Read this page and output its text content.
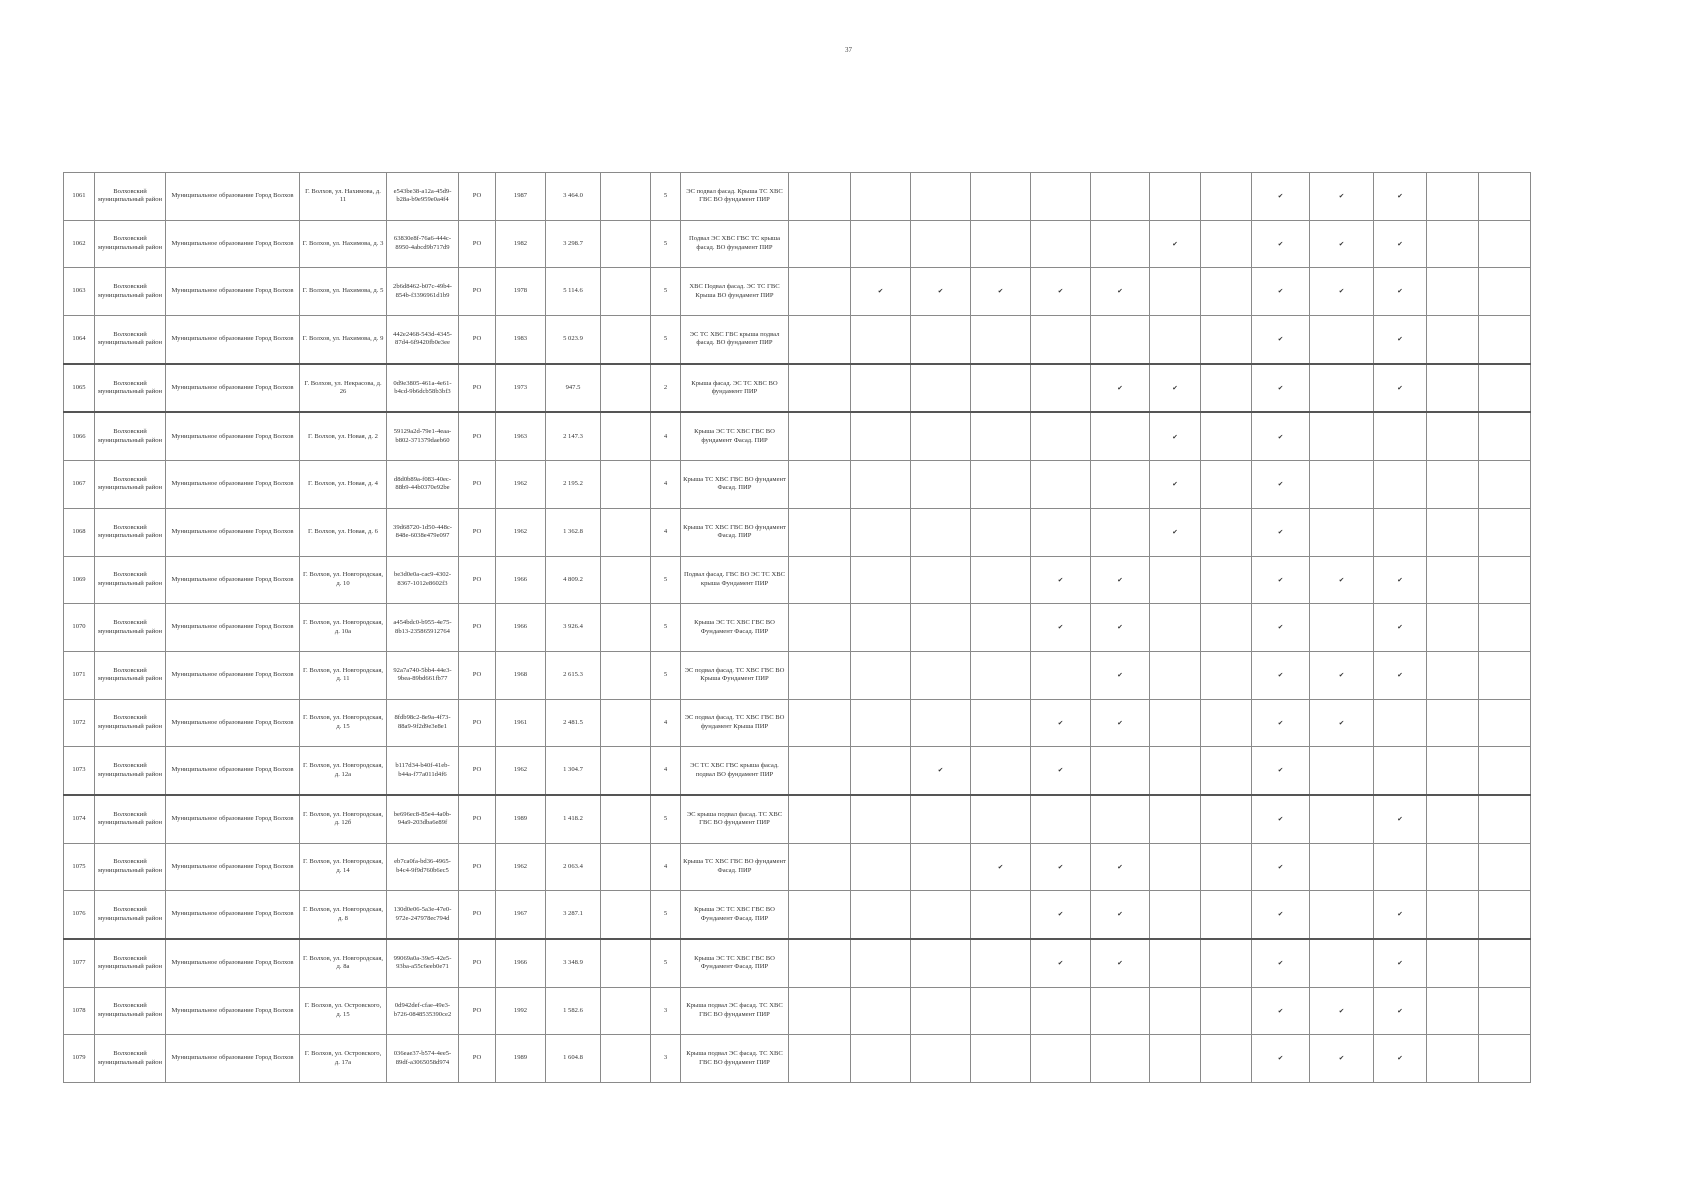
37
1061	Волховский муниципальный район	Муниципальное образование Город Волхов	Г. Волхов, ул. Нахимова, д. 11	e543be38-a12a-45d9-b28a-b9e959e0a4f4	РО	1987	3 464.0		5	ЭС подвал фасад. Крыша ТС ХВС ГВС ВО фундамент ПИР									✔	✔	✔		
1062	Волховский муниципальный район	Муниципальное образование Город Волхов	Г. Волхов, ул. Нахимова, д. 3	63830e8f-76a6-444c-8950-4abcd9b717d9	РО	1982	3 298.7		5	Подвал ЭС ХВС ГВС ТС крыша фасад. ВО фундамент ПИР							✔		✔	✔	✔		
1063	Волховский муниципальный район	Муниципальное образование Город Волхов	Г. Волхов, ул. Нахимова, д. 5	2b6d8462-b07c-49b4-854b-f3396961d1b9	РО	1978	5 114.6		5	ХВС Подвал фасад. ЭС ТС ГВС Крыша ВО фундамент ПИР		✔	✔	✔	✔	✔			✔	✔	✔		
1064	Волховский муниципальный район	Муниципальное образование Город Волхов	Г. Волхов, ул. Нахимова, д. 9	442e2468-543d-4345-87d4-6f9420fb0e3ee	РО	1983	5 023.9		5	ЭС ТС ХВС ГВС крыша подвал фасад. ВО фундамент ПИР									✔		✔		
1065	Волховский муниципальный район	Муниципальное образование Город Волхов	Г. Волхов, ул. Некрасова, д. 26	0d9e3805-461a-4e61-b4cd-9b6dcb58b3bf3	РО	1973	947.5		2	Крыша фасад. ЭС ТС ХВС ВО фундамент ПИР						✔	✔		✔		✔		
1066	Волховский муниципальный район	Муниципальное образование Город Волхов	Г. Волхов, ул. Новая, д. 2	59129a2d-79e1-4eaa-b802-371379daeb60	РО	1963	2 147.3		4	Крыша ЭС ТС ХВС ГВС ВО фундамент Фасад. ПИР							✔		✔				
1067	Волховский муниципальный район	Муниципальное образование Город Волхов	Г. Волхов, ул. Новая, д. 4	d8d0b89a-f083-40ec-88b9-44b0370e92be	РО	1962	2 195.2		4	Крыша ТС ХВС ГВС ВО фундамент Фасад. ПИР							✔		✔				
1068	Волховский муниципальный район	Муниципальное образование Город Волхов	Г. Волхов, ул. Новая, д. 6	39d68720-1d50-448c-848e-6038e479e097	РО	1962	1 362.8		4	Крыша ТС ХВС ГВС ВО фундамент Фасад. ПИР							✔		✔				
1069	Волховский муниципальный район	Муниципальное образование Город Волхов	Г. Волхов, ул. Новгородская, д. 10	be3d0e0a-cac9-4302-8367-1012e8602f3	РО	1966	4 809.2		5	Подвал фасад. ГВС ВО ЭС ТС ХВС крыша Фундамент ПИР					✔	✔			✔	✔	✔		
1070	Волховский муниципальный район	Муниципальное образование Город Волхов	Г. Волхов, ул. Новгородская, д. 10а	a454bdc0-b955-4e75-8b13-235865912764	РО	1966	3 926.4		5	Крыша ЭС ТС ХВС ГВС ВО Фундамент Фасад. ПИР					✔	✔			✔		✔		
1071	Волховский муниципальный район	Муниципальное образование Город Волхов	Г. Волхов, ул. Новгородская, д. 11	92a7a740-5bb4-44e3-9bea-89bd661fb77	РО	1968	2 615.3		5	ЭС подвал фасад. ТС ХВС ГВС ВО Крыша Фундамент ПИР						✔			✔	✔	✔		
1072	Волховский муниципальный район	Муниципальное образование Город Волхов	Г. Волхов, ул. Новгородская, д. 15	8fdb98c2-8e9a-4f73-88a9-9f2d9e3e8e1	РО	1961	2 481.5		4	ЭС подвал фасад. ТС ХВС ГВС ВО фундамент Крыша ПИР					✔	✔			✔	✔			
1073	Волховский муниципальный район	Муниципальное образование Город Волхов	Г. Волхов, ул. Новгородская, д. 12а	b117d34-b40f-41eb-b44a-f77a011d4f6	РО	1962	1 304.7		4	ЭС ТС ХВС ГВС крыша фасад. подвал ВО фундамент ПИР			✔		✔				✔				
1074	Волховский муниципальный район	Муниципальное образование Город Волхов	Г. Волхов, ул. Новгородская, д. 12б	be696ec8-85e4-4a0b-94a9-203dba6e89f	РО	1989	1 418.2		5	ЭС крыша подвал фасад. ТС ХВС ГВС ВО фундамент ПИР									✔		✔		
1075	Волховский муниципальный район	Муниципальное образование Город Волхов	Г. Волхов, ул. Новгородская, д. 14	eb7ca0fa-bd36-4965-b4c4-9f9d760b6ec5	РО	1962	2 063.4		4	Крыша ТС ХВС ГВС ВО фундамент Фасад. ПИР				✔	✔	✔			✔				
1076	Волховский муниципальный район	Муниципальное образование Город Волхов	Г. Волхов, ул. Новгородская, д. 8	130d0e06-5a3e-47e0-972e-247978ec794d	РО	1967	3 287.1		5	Крыша ЭС ТС ХВС ГВС ВО Фундамент Фасад. ПИР					✔	✔			✔		✔		
1077	Волховский муниципальный район	Муниципальное образование Город Волхов	Г. Волхов, ул. Новгородская, д. 8а	99069a0a-39e5-42e5-93ba-a55c6eeb0e71	РО	1966	3 348.9		5	Крыша ЭС ТС ХВС ГВС ВО Фундамент Фасад. ПИР					✔	✔			✔		✔		
1078	Волховский муниципальный район	Муниципальное образование Город Волхов	Г. Волхов, ул. Островского, д. 15	0d942def-cfae-49e3-b726-0848535390ce2	РО	1992	1 582.6		3	Крыша подвал ЭС фасад. ТС ХВС ГВС ВО фундамент ПИР									✔	✔	✔		
1079	Волховский муниципальный район	Муниципальное образование Город Волхов	Г. Волхов, ул. Островского, д. 17а	036eae37-b574-4ee5-89df-a3065058d974	РО	1989	1 604.8		3	Крыша подвал ЭС фасад. ТС ХВС ГВС ВО фундамент ПИР									✔	✔	✔		
